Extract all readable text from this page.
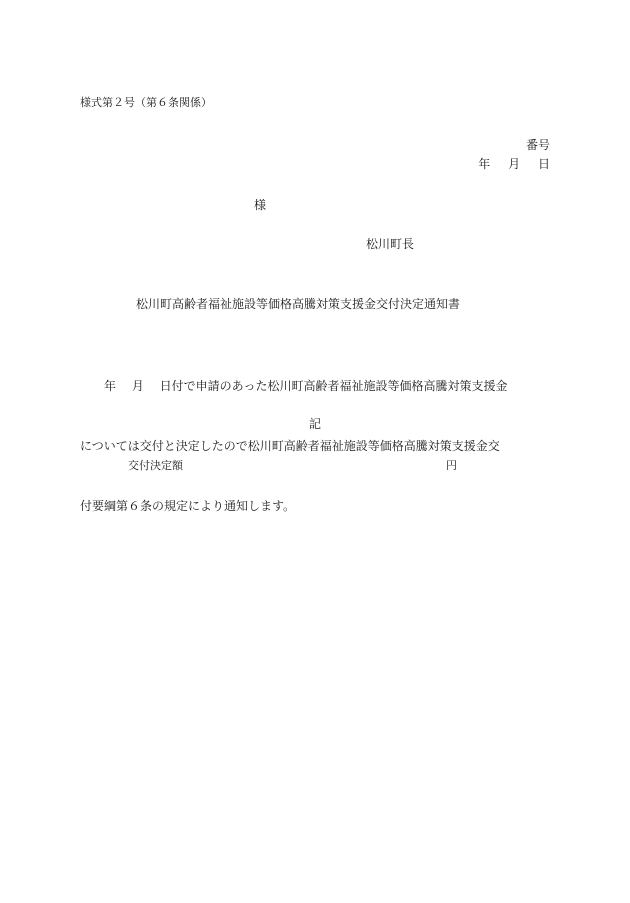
様式第２号（第６条関係）
番号
年 月 日
様
松川町長
松川町高齢者福祉施設等価格高騰対策支援金交付決定通知書

　　年　 月　 日付で申請のあった松川町高齢者福祉施設等価格高騰対策支援金

については交付と決定したので松川町高齢者福祉施設等価格高騰対策支援金交

付要綱第６条の規定により通知します。

記
交付決定額	円
